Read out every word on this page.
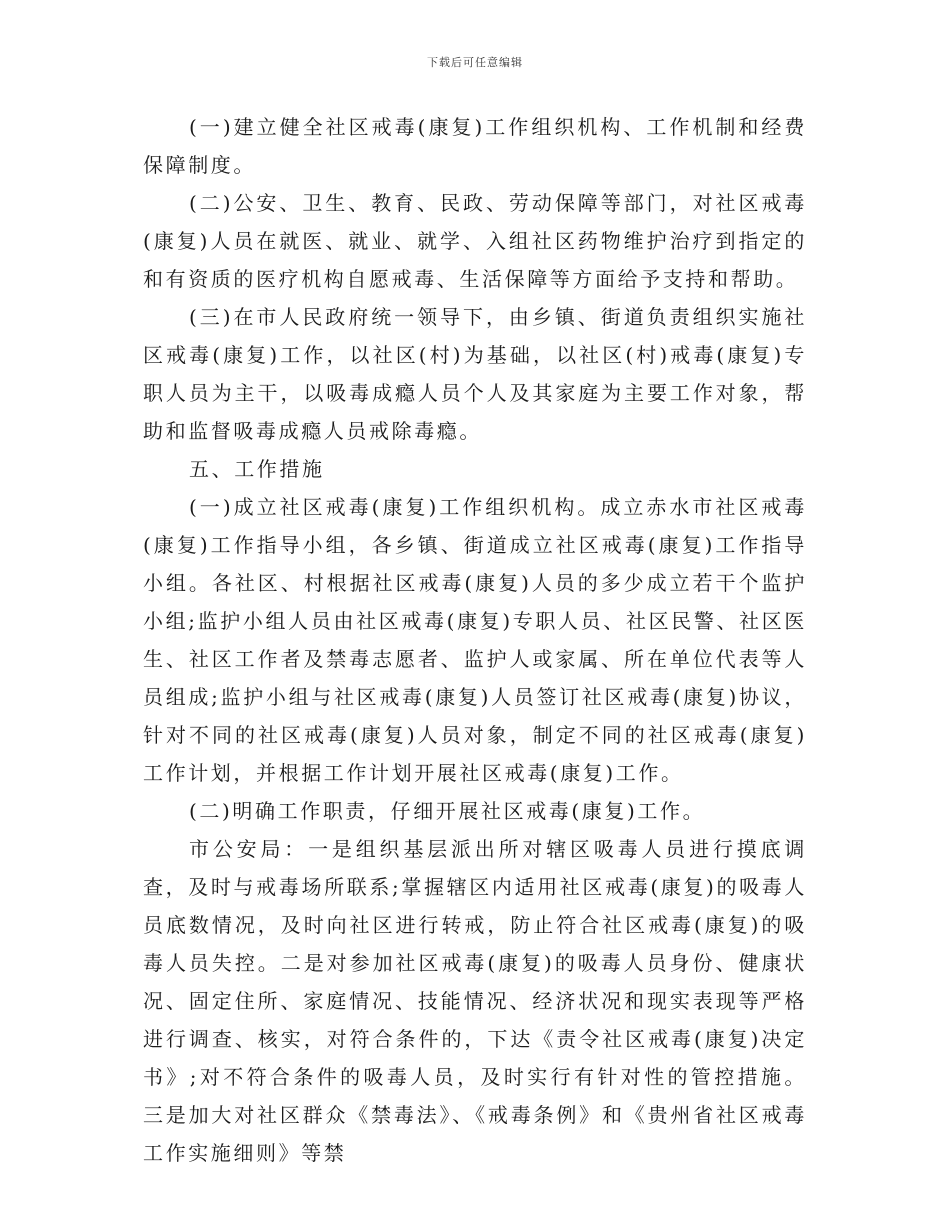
下载后可任意编辑

(一)建立健全社区戒毒(康复)工作组织机构、工作机制和经费保障制度。

(二)公安、卫生、教育、民政、劳动保障等部门，对社区戒毒(康复)人员在就医、就业、就学、入组社区药物维护治疗到指定的和有资质的医疗机构自愿戒毒、生活保障等方面给予支持和帮助。

(三)在市人民政府统一领导下，由乡镇、街道负责组织实施社区戒毒(康复)工作，以社区(村)为基础，以社区(村)戒毒(康复)专职人员为主干，以吸毒成瘾人员个人及其家庭为主要工作对象，帮助和监督吸毒成瘾人员戒除毒瘾。

五、工作措施

(一)成立社区戒毒(康复)工作组织机构。成立赤水市社区戒毒(康复)工作指导小组，各乡镇、街道成立社区戒毒(康复)工作指导小组。各社区、村根据社区戒毒(康复)人员的多少成立若干个监护小组;监护小组人员由社区戒毒(康复)专职人员、社区民警、社区医生、社区工作者及禁毒志愿者、监护人或家属、所在单位代表等人员组成;监护小组与社区戒毒(康复)人员签订社区戒毒(康复)协议，针对不同的社区戒毒(康复)人员对象，制定不同的社区戒毒(康复)工作计划，并根据工作计划开展社区戒毒(康复)工作。

(二)明确工作职责，仔细开展社区戒毒(康复)工作。

市公安局：一是组织基层派出所对辖区吸毒人员进行摸底调查，及时与戒毒场所联系;掌握辖区内适用社区戒毒(康复)的吸毒人员底数情况，及时向社区进行转戒，防止符合社区戒毒(康复)的吸毒人员失控。二是对参加社区戒毒(康复)的吸毒人员身份、健康状况、固定住所、家庭情况、技能情况、经济状况和现实表现等严格进行调查、核实，对符合条件的，下达《责令社区戒毒(康复)决定书》;对不符合条件的吸毒人员，及时实行有针对性的管控措施。三是加大对社区群众《禁毒法》、《戒毒条例》和《贵州省社区戒毒工作实施细则》等禁
